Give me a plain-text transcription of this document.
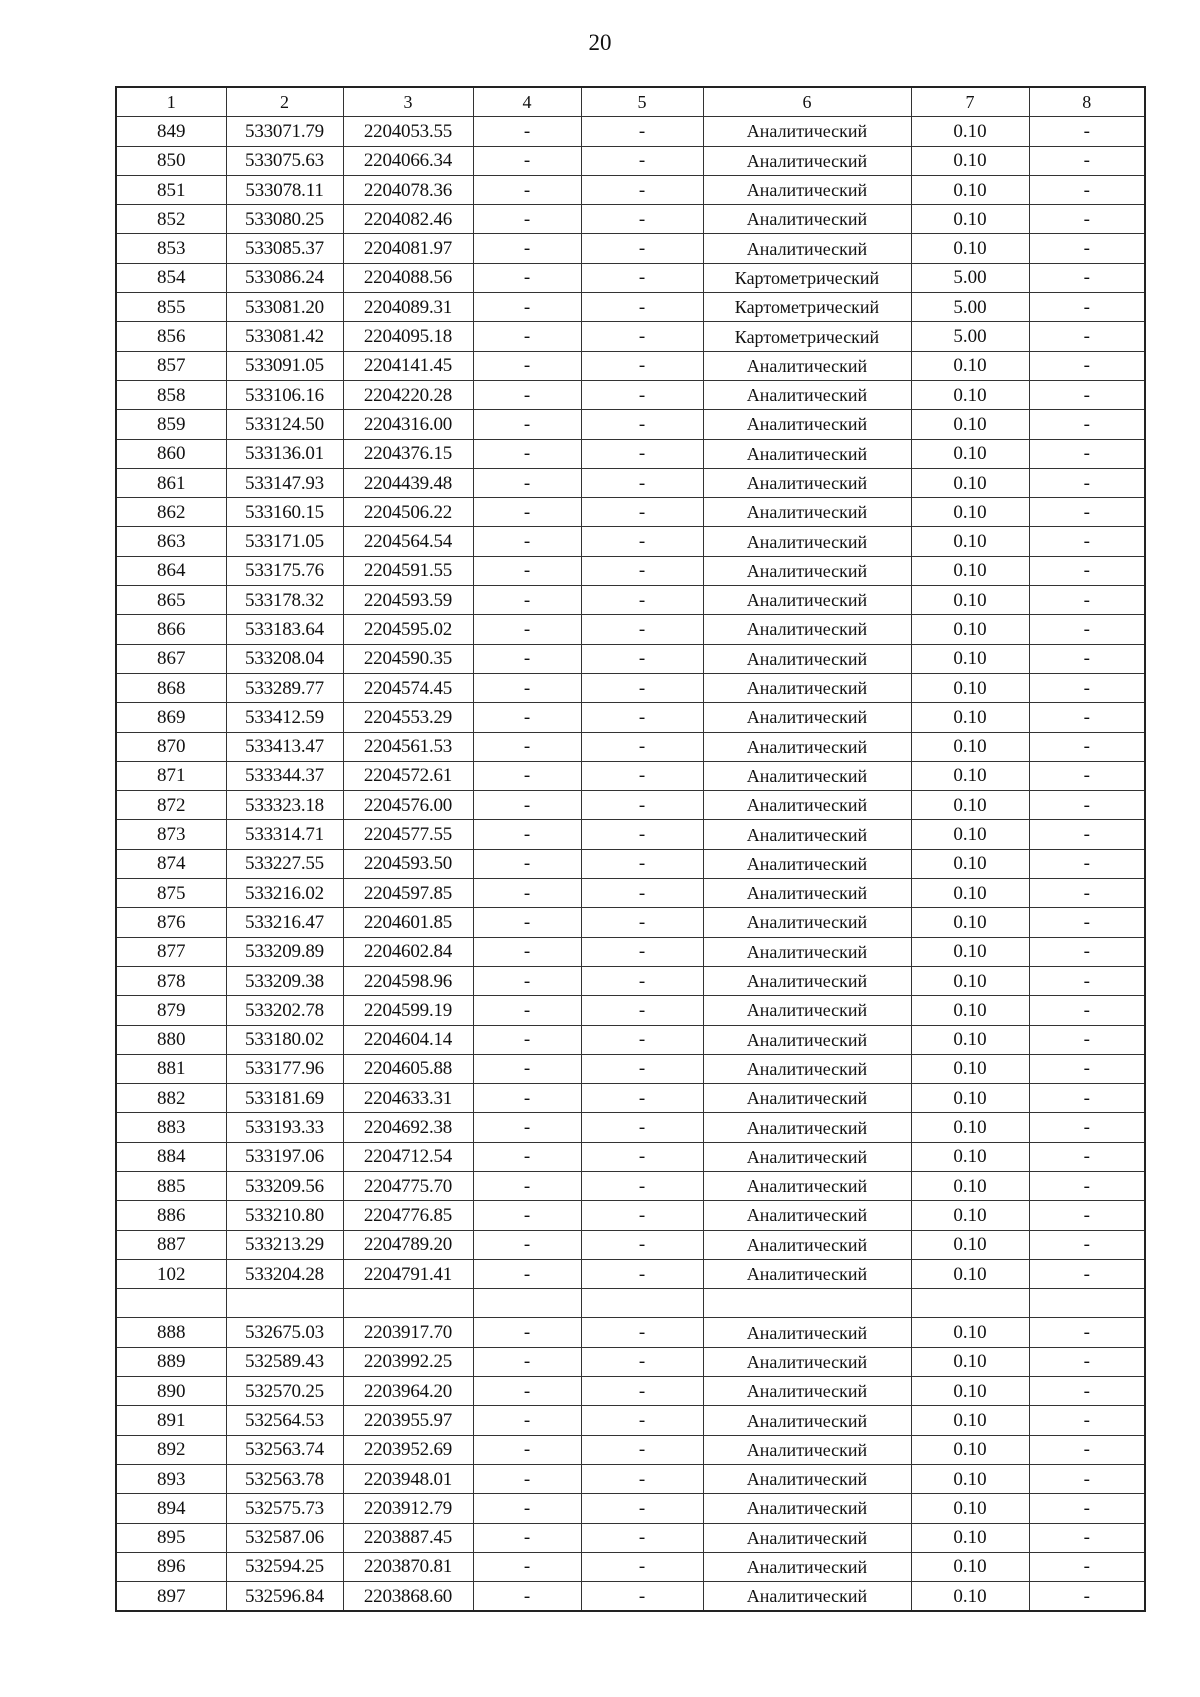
20
1	2	3	4	5	6	7	8
849	533071.79	2204053.55	-	-	Аналитический	0.10	-
850	533075.63	2204066.34	-	-	Аналитический	0.10	-
851	533078.11	2204078.36	-	-	Аналитический	0.10	-
852	533080.25	2204082.46	-	-	Аналитический	0.10	-
853	533085.37	2204081.97	-	-	Аналитический	0.10	-
854	533086.24	2204088.56	-	-	Картометрический	5.00	-
855	533081.20	2204089.31	-	-	Картометрический	5.00	-
856	533081.42	2204095.18	-	-	Картометрический	5.00	-
857	533091.05	2204141.45	-	-	Аналитический	0.10	-
858	533106.16	2204220.28	-	-	Аналитический	0.10	-
859	533124.50	2204316.00	-	-	Аналитический	0.10	-
860	533136.01	2204376.15	-	-	Аналитический	0.10	-
861	533147.93	2204439.48	-	-	Аналитический	0.10	-
862	533160.15	2204506.22	-	-	Аналитический	0.10	-
863	533171.05	2204564.54	-	-	Аналитический	0.10	-
864	533175.76	2204591.55	-	-	Аналитический	0.10	-
865	533178.32	2204593.59	-	-	Аналитический	0.10	-
866	533183.64	2204595.02	-	-	Аналитический	0.10	-
867	533208.04	2204590.35	-	-	Аналитический	0.10	-
868	533289.77	2204574.45	-	-	Аналитический	0.10	-
869	533412.59	2204553.29	-	-	Аналитический	0.10	-
870	533413.47	2204561.53	-	-	Аналитический	0.10	-
871	533344.37	2204572.61	-	-	Аналитический	0.10	-
872	533323.18	2204576.00	-	-	Аналитический	0.10	-
873	533314.71	2204577.55	-	-	Аналитический	0.10	-
874	533227.55	2204593.50	-	-	Аналитический	0.10	-
875	533216.02	2204597.85	-	-	Аналитический	0.10	-
876	533216.47	2204601.85	-	-	Аналитический	0.10	-
877	533209.89	2204602.84	-	-	Аналитический	0.10	-
878	533209.38	2204598.96	-	-	Аналитический	0.10	-
879	533202.78	2204599.19	-	-	Аналитический	0.10	-
880	533180.02	2204604.14	-	-	Аналитический	0.10	-
881	533177.96	2204605.88	-	-	Аналитический	0.10	-
882	533181.69	2204633.31	-	-	Аналитический	0.10	-
883	533193.33	2204692.38	-	-	Аналитический	0.10	-
884	533197.06	2204712.54	-	-	Аналитический	0.10	-
885	533209.56	2204775.70	-	-	Аналитический	0.10	-
886	533210.80	2204776.85	-	-	Аналитический	0.10	-
887	533213.29	2204789.20	-	-	Аналитический	0.10	-
102	533204.28	2204791.41	-	-	Аналитический	0.10	-

888	532675.03	2203917.70	-	-	Аналитический	0.10	-
889	532589.43	2203992.25	-	-	Аналитический	0.10	-
890	532570.25	2203964.20	-	-	Аналитический	0.10	-
891	532564.53	2203955.97	-	-	Аналитический	0.10	-
892	532563.74	2203952.69	-	-	Аналитический	0.10	-
893	532563.78	2203948.01	-	-	Аналитический	0.10	-
894	532575.73	2203912.79	-	-	Аналитический	0.10	-
895	532587.06	2203887.45	-	-	Аналитический	0.10	-
896	532594.25	2203870.81	-	-	Аналитический	0.10	-
897	532596.84	2203868.60	-	-	Аналитический	0.10	-
